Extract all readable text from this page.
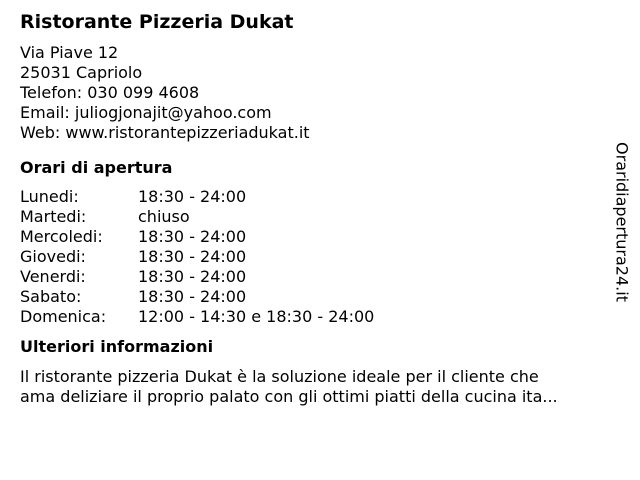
Ristorante Pizzeria Dukat
Via Piave 12
25031 Capriolo
Telefon: 030 099 4608
Email: juliogjonajit@yahoo.com
Web: www.ristorantepizzeriadukat.it
Orari di apertura
Lunedi:	18:30 - 24:00
Martedi:	chiuso
Mercoledi:	18:30 - 24:00
Giovedi:	18:30 - 24:00
Venerdi:	18:30 - 24:00
Sabato:	18:30 - 24:00
Domenica:	12:00 - 14:30 e 18:30 - 24:00
Ulteriori informazioni
Il ristorante pizzeria Dukat è la soluzione ideale per il cliente che
ama deliziare il proprio palato con gli ottimi piatti della cucina ita...
Oraridiapertura24.it
